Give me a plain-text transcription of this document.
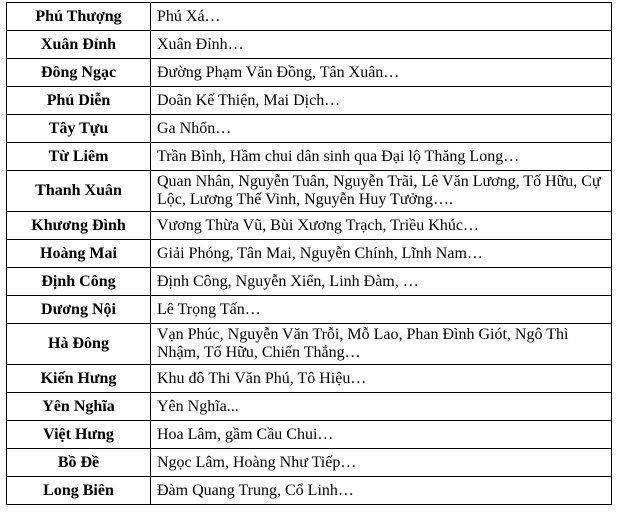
Phú Thượng	Phú Xá…
Xuân Đỉnh	Xuân Đỉnh…
Đông Ngạc	Đường Phạm Văn Đồng, Tân Xuân…
Phú Diễn	Doãn Kế Thiện, Mai Dịch…
Tây Tựu	Ga Nhổn…
Từ Liêm	Trần Bình, Hầm chui dân sinh qua Đại lộ Thăng Long…
Thanh Xuân	Quan Nhân, Nguyễn Tuân, Nguyễn Trãi, Lê Văn Lương, Tố Hữu, Cự Lộc, Lương Thế Vinh, Nguyễn Huy Tưởng….
Khương Đình	Vương Thừa Vũ, Bùi Xương Trạch, Triều Khúc…
Hoàng Mai	Giải Phóng, Tân Mai, Nguyễn Chính, Lĩnh Nam…
Định Công	Định Công, Nguyễn Xiển, Linh Đàm, …
Dương Nội	Lê Trọng Tấn…
Hà Đông	Vạn Phúc, Nguyễn Văn Trỗi, Mỗ Lao, Phan Đình Giót, Ngô Thì Nhậm, Tố Hữu, Chiến Thắng…
Kiến Hưng	Khu đô Thi Văn Phú, Tô Hiệu…
Yên Nghĩa	Yên Nghĩa...
Việt Hưng	Hoa Lâm, gầm Cầu Chui…
Bồ Đề	Ngọc Lâm, Hoàng Như Tiếp…
Long Biên	Đàm Quang Trung, Cổ Linh…
